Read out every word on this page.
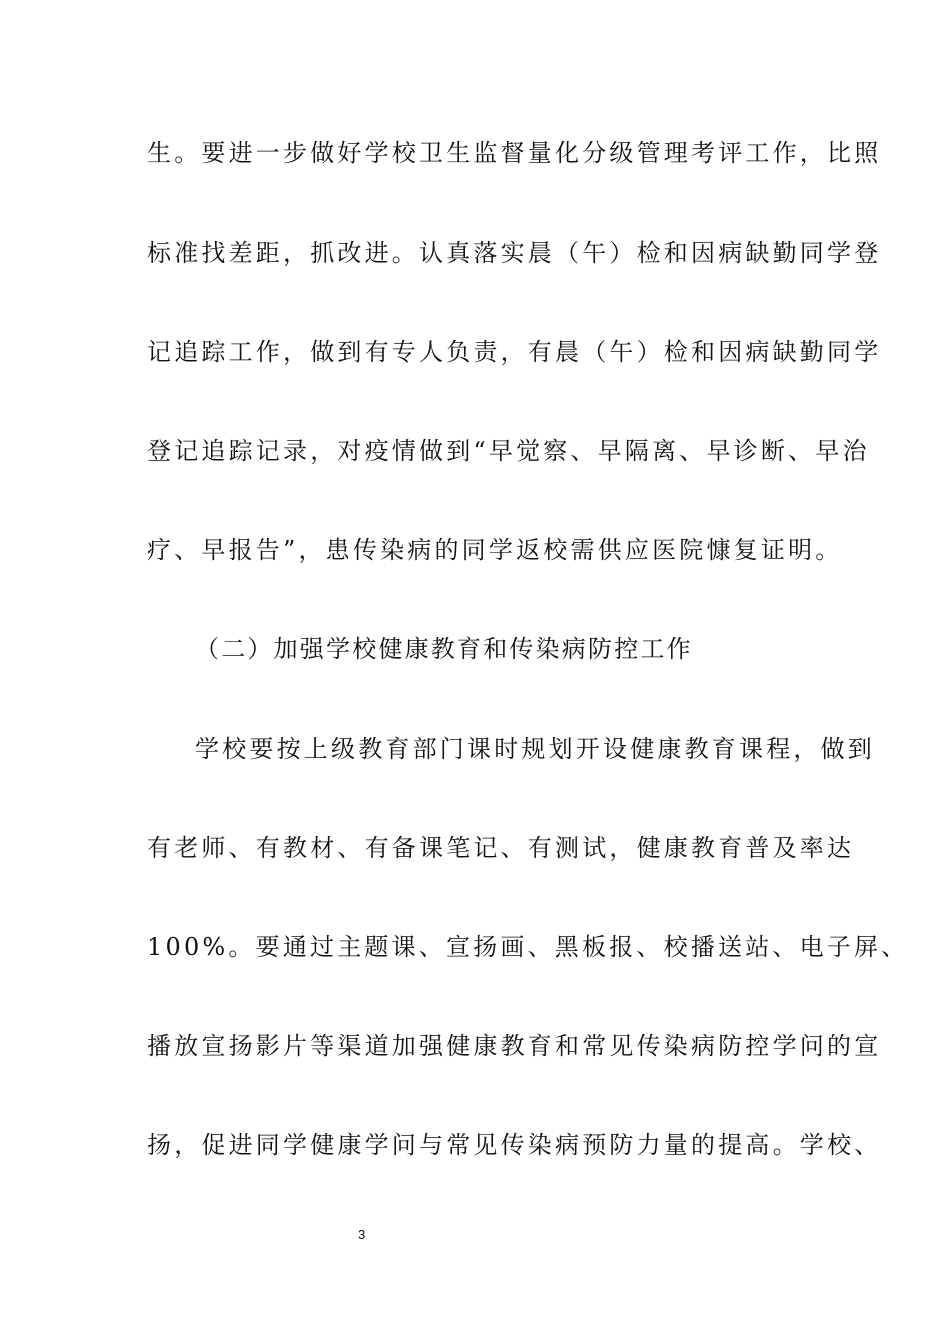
生。要进一步做好学校卫生监督量化分级管理考评工作，比照
标准找差距，抓改进。认真落实晨（午）检和因病缺勤同学登
记追踪工作，做到有专人负责，有晨（午）检和因病缺勤同学
登记追踪记录，对疫情做到“早觉察、早隔离、早诊断、早治
疗、早报告”，患传染病的同学返校需供应医院慷复证明。
（二）加强学校健康教育和传染病防控工作
学校要按上级教育部门课时规划开设健康教育课程，做到
有老师、有教材、有备课笔记、有测试，健康教育普及率达
100%。要通过主题课、宣扬画、黑板报、校播送站、电子屏、
播放宣扬影片等渠道加强健康教育和常见传染病防控学问的宣
扬，促进同学健康学问与常见传染病预防力量的提高。学校、
3
